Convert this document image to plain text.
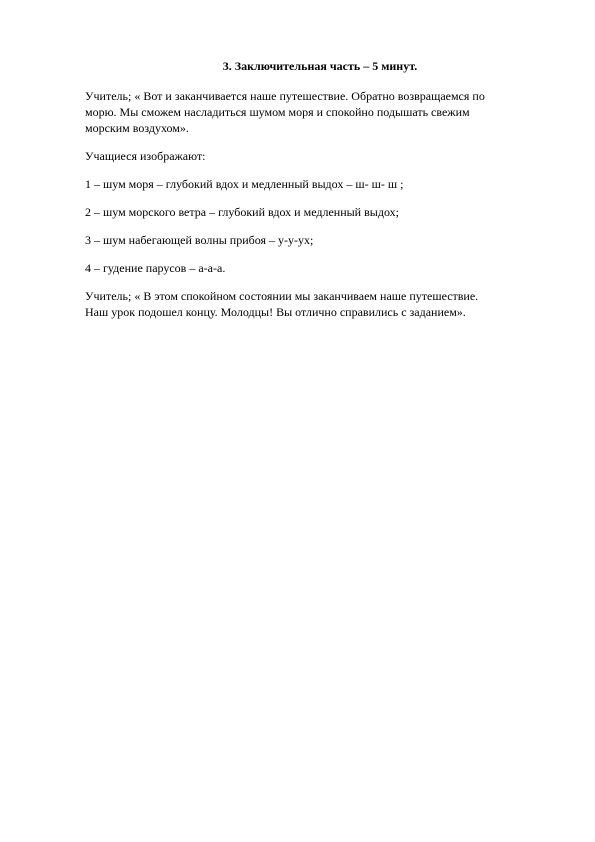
3. Заключительная часть – 5 минут.
Учитель; « Вот и заканчивается наше путешествие. Обратно возвращаемся по
морю. Мы сможем насладиться шумом моря и спокойно подышать свежим
морским воздухом».
Учащиеся изображают:
1 – шум моря – глубокий вдох и медленный выдох – ш- ш- ш ;
2 – шум морского ветра – глубокий вдох и медленный выдох;
3 – шум набегающей волны прибоя – у-у-ух;
4 – гудение парусов – а-а-а.
Учитель; « В этом спокойном состоянии мы заканчиваем наше путешествие.
Наш урок подошел концу. Молодцы! Вы отлично справились с заданием».
